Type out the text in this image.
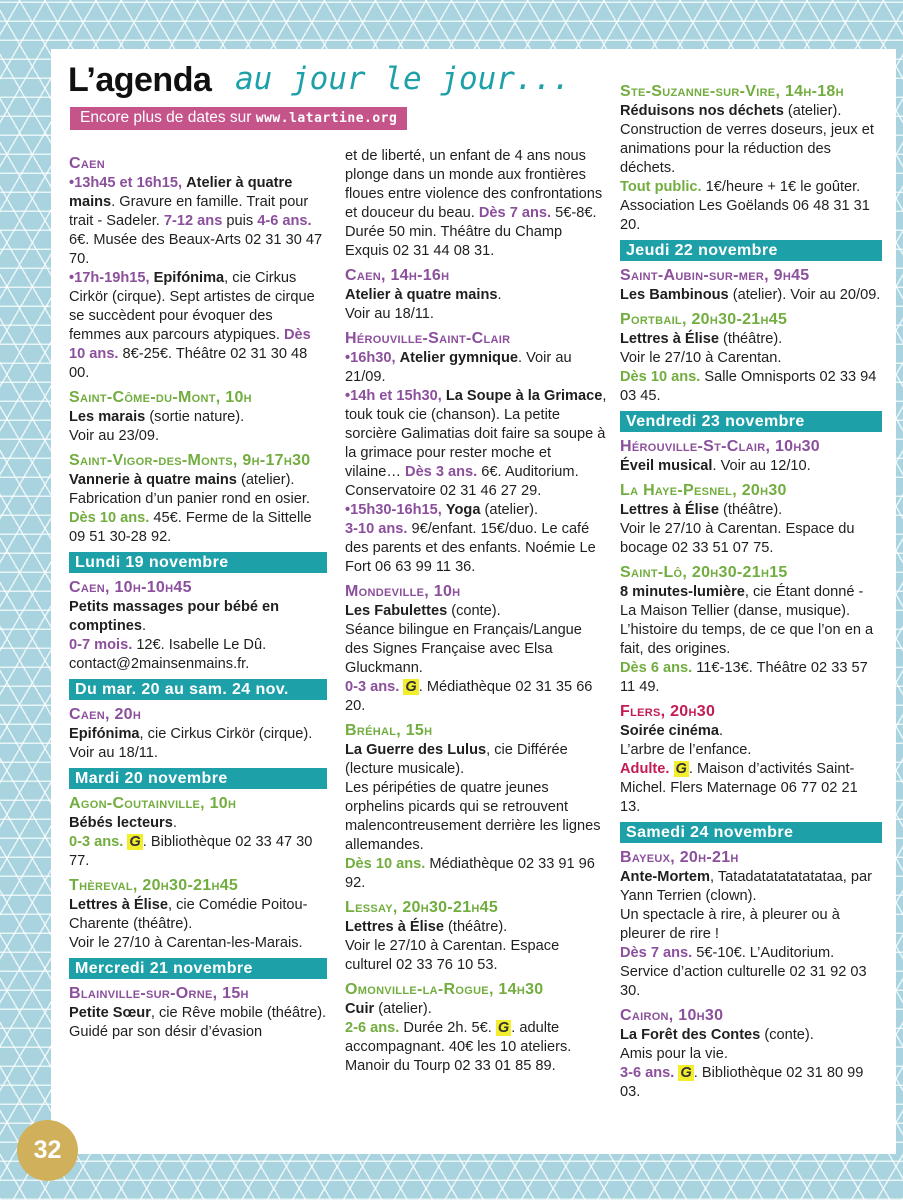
L’agenda au jour le jour...
Encore plus de dates sur www.latartine.org
Caen
•13h45 et 16h15, Atelier à quatre mains. Gravure en famille. Trait pour trait - Sadeler. 7-12 ans puis 4-6 ans. 6€. Musée des Beaux-Arts 02 31 30 47 70.
•17h-19h15, Epifónima, cie Cirkus Cirkör (cirque). Sept artistes de cirque se succèdent pour évoquer des femmes aux parcours atypiques. Dès 10 ans. 8€-25€. Théâtre 02 31 30 48 00.
Saint-Côme-du-Mont, 10h
Les marais (sortie nature).
Voir au 23/09.
Saint-Vigor-des-Monts, 9h-17h30
Vannerie à quatre mains (atelier). Fabrication d’un panier rond en osier.
Dès 10 ans. 45€. Ferme de la Sittelle 09 51 30-28 92.
Lundi 19 novembre
Caen, 10h-10h45
Petits massages pour bébé en comptines.
0-7 mois. 12€. Isabelle Le Dû. contact@2mainsenmains.fr.
Du mar. 20 au sam. 24 nov.
Caen, 20h
Epifónima, cie Cirkus Cirkör (cirque).
Voir au 18/11.
Mardi 20 novembre
Agon-Coutainville, 10h
Bébés lecteurs.
0-3 ans. G . Bibliothèque 02 33 47 30 77.
Thèreval, 20h30-21h45
Lettres à Élise, cie Comédie Poitou-Charente (théâtre).
Voir le 27/10 à Carentan-les-Marais.
Mercredi 21 novembre
Blainville-sur-Orne, 15h
Petite Sœur, cie Rêve mobile (théâtre).
Guidé par son désir d’évasion
et de liberté, un enfant de 4 ans nous plonge dans un monde aux frontières floues entre violence des confrontations et douceur du beau. Dès 7 ans. 5€-8€. Durée 50 min. Théâtre du Champ Exquis 02 31 44 08 31.
Caen, 14h-16h
Atelier à quatre mains.
Voir au 18/11.
Hérouville-Saint-Clair
•16h30, Atelier gymnique. Voir au 21/09.
•14h et 15h30, La Soupe à la Grimace, touk touk cie (chanson). La petite sorcière Galimatias doit faire sa soupe à la grimace pour rester moche et vilaine… Dès 3 ans. 6€. Auditorium. Conservatoire 02 31 46 27 29.
•15h30-16h15, Yoga (atelier).
3-10 ans. 9€/enfant. 15€/duo. Le café des parents et des enfants. Noémie Le Fort 06 63 99 11 36.
Mondeville, 10h
Les Fabulettes (conte).
Séance bilingue en Français/Langue des Signes Française avec Elsa Gluckmann.
0-3 ans. G . Médiathèque 02 31 35 66 20.
Bréhal, 15h
La Guerre des Lulus, cie Différée (lecture musicale).
Les péripéties de quatre jeunes orphelins picards qui se retrouvent malencontreusement derrière les lignes allemandes.
Dès 10 ans. Médiathèque 02 33 91 96 92.
Lessay, 20h30-21h45
Lettres à Élise (théâtre).
Voir le 27/10 à Carentan. Espace culturel 02 33 76 10 53.
Omonville-la-Rogue, 14h30
Cuir (atelier).
2-6 ans. Durée 2h. 5€. G . adulte accompagnant. 40€ les 10 ateliers. Manoir du Tourp 02 33 01 85 89.
Ste-Suzanne-sur-Vire, 14h-18h
Réduisons nos déchets (atelier).
Construction de verres doseurs, jeux et animations pour la réduction des déchets.
Tout public. 1€/heure + 1€ le goûter. Association Les Goëlands 06 48 31 31 20.
Jeudi 22 novembre
Saint-Aubin-sur-mer, 9h45
Les Bambinous (atelier). Voir au 20/09.
Portbail, 20h30-21h45
Lettres à Élise (théâtre).
Voir le 27/10 à Carentan.
Dès 10 ans. Salle Omnisports 02 33 94 03 45.
Vendredi 23 novembre
Hérouville-St-Clair, 10h30
Éveil musical. Voir au 12/10.
La Haye-Pesnel, 20h30
Lettres à Élise (théâtre).
Voir le 27/10 à Carentan. Espace du bocage 02 33 51 07 75.
Saint-Lô, 20h30-21h15
8 minutes-lumière, cie Étant donné - La Maison Tellier (danse, musique). L’histoire du temps, de ce que l’on en a fait, des origines.
Dès 6 ans. 11€-13€. Théâtre 02 33 57 11 49.
Flers, 20h30
Soirée cinéma.
L’arbre de l’enfance.
Adulte. G . Maison d’activités Saint-Michel. Flers Maternage 06 77 02 21 13.
Samedi 24 novembre
Bayeux, 20h-21h
Ante-Mortem, Tatadatatatatatataa, par Yann Terrien (clown).
Un spectacle à rire, à pleurer ou à pleurer de rire !
Dès 7 ans. 5€-10€. L’Auditorium. Service d’action culturelle 02 31 92 03 30.
Cairon, 10h30
La Forêt des Contes (conte).
Amis pour la vie.
3-6 ans. G . Bibliothèque 02 31 80 99 03.
32
